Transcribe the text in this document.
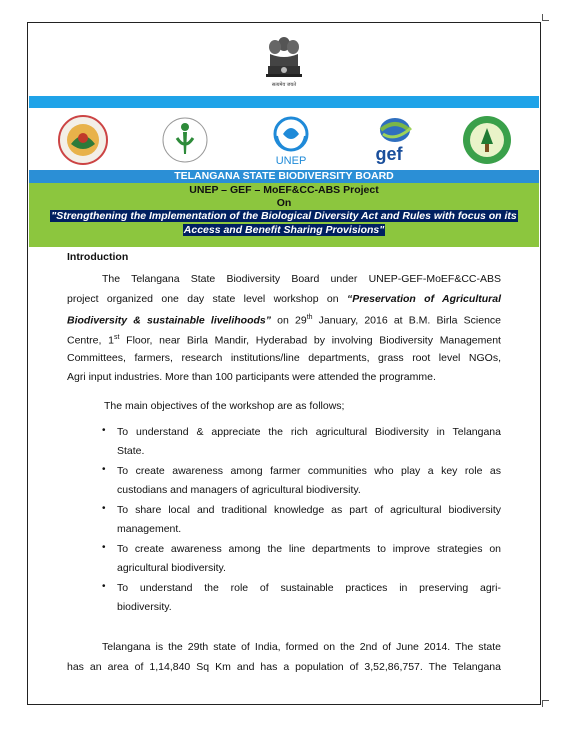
सत्यमेव जयते
UNEP	gef
TELANGANA STATE BIODIVERSITY BOARD
UNEP – GEF – MoEF&CC-ABS Project
On
"Strengthening the Implementation of the Biological Diversity Act and Rules with focus on its
Access and Benefit Sharing Provisions"
Introduction
The Telangana State Biodiversity Board under UNEP-GEF-MoEF&CC-ABS
project organized one day state level workshop on “Preservation of Agricultural
Biodiversity & sustainable livelihoods” on 29th January, 2016 at B.M. Birla Science
Centre, 1st Floor, near Birla Mandir, Hyderabad by involving Biodiversity Management
Committees, farmers, research institutions/line departments, grass root level NGOs,
Agri input industries. More than 100 participants were attended the programme.
The main objectives of the workshop are as follows;
• To understand & appreciate the rich agricultural Biodiversity in Telangana
State.
• To create awareness among farmer communities who play a key role as
custodians and managers of agricultural biodiversity.
• To share local and traditional knowledge as part of agricultural biodiversity
management.
• To create awareness among the line departments to improve strategies on
agricultural biodiversity.
• To understand the role of sustainable practices in preserving agri-
biodiversity.
Telangana is the 29th state of India, formed on the 2nd of June 2014. The state
has an area of 1,14,840 Sq Km and has a population of 3,52,86,757. The Telangana
